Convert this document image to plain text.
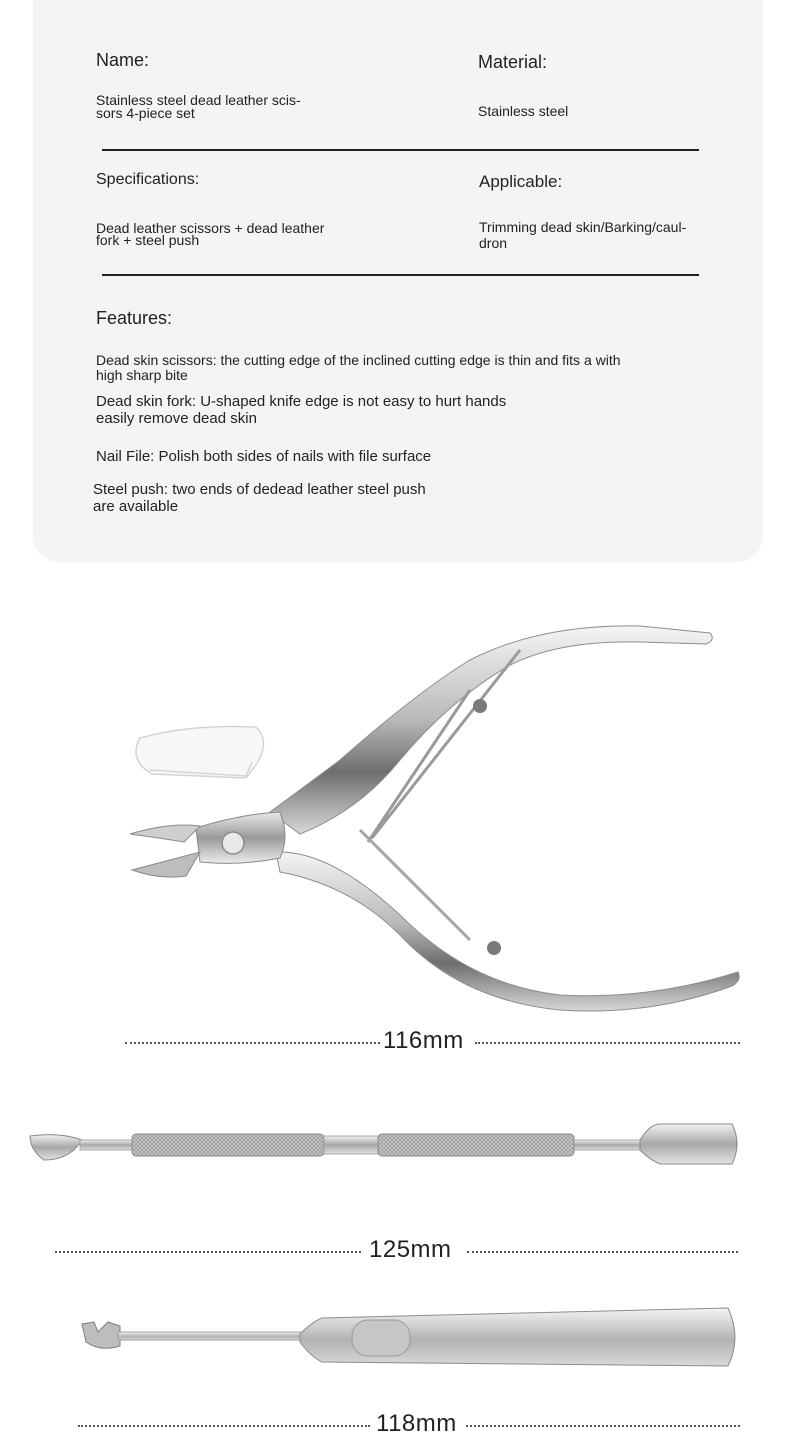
Name:

Stainless steel dead leather scis-

sors 4-piece set

Material:

Stainless steel

Specifications:

Dead leather scissors + dead leather

fork + steel push

Applicable:

Trimming dead skin/Barking/caul-

dron

Features:

Dead skin scissors: the cutting edge of the inclined cutting edge is thin and fits a with

high sharp bite

Dead skin fork: U-shaped knife edge is not easy to hurt hands

easily remove dead skin

Nail File: Polish both sides of nails with file surface

Steel push: two ends of dedead leather steel push

are available

116mm
125mm
118mm
